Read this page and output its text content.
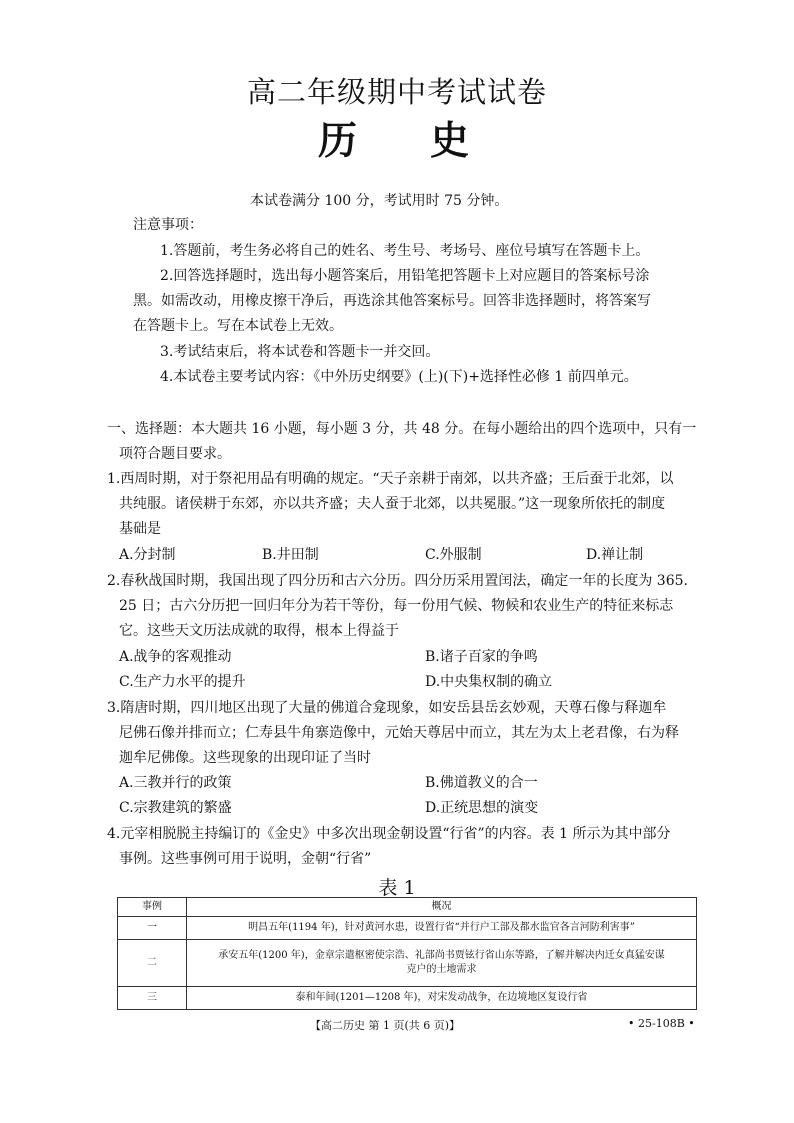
高二年级期中考试试卷
历 史
本试卷满分 100 分，考试用时 75 分钟。
注意事项：
1.答题前，考生务必将自己的姓名、考生号、考场号、座位号填写在答题卡上。
2.回答选择题时，选出每小题答案后，用铅笔把答题卡上对应题目的答案标号涂
黑。如需改动，用橡皮擦干净后，再选涂其他答案标号。回答非选择题时，将答案写
在答题卡上。写在本试卷上无效。
3.考试结束后，将本试卷和答题卡一并交回。
4.本试卷主要考试内容：《中外历史纲要》(上)(下)+选择性必修 1 前四单元。
一、选择题：本大题共 16 小题，每小题 3 分，共 48 分。在每小题给出的四个选项中，只有一
项符合题目要求。
1.西周时期，对于祭祀用品有明确的规定。“天子亲耕于南郊，以共齐盛；王后蚕于北郊，以
共纯服。诸侯耕于东郊，亦以共齐盛；夫人蚕于北郊，以共冕服。”这一现象所依托的制度
基础是
A.分封制	B.井田制	C.外服制	D.禅让制
2.春秋战国时期，我国出现了四分历和古六分历。四分历采用置闰法，确定一年的长度为 365.
25 日；古六分历把一回归年分为若干等份，每一份用气候、物候和农业生产的特征来标志
它。这些天文历法成就的取得，根本上得益于
A.战争的客观推动	B.诸子百家的争鸣
C.生产力水平的提升	D.中央集权制的确立
3.隋唐时期，四川地区出现了大量的佛道合龛现象，如安岳县岳玄妙观，天尊石像与释迦牟
尼佛石像并排而立；仁寿县牛角寨造像中，元始天尊居中而立，其左为太上老君像，右为释
迦牟尼佛像。这些现象的出现印证了当时
A.三教并行的政策	B.佛道教义的合一
C.宗教建筑的繁盛	D.正统思想的演变
4.元宰相脱脱主持编订的《金史》中多次出现金朝设置“行省”的内容。表 1 所示为其中部分
事例。这些事例可用于说明，金朝“行省”
表 1
事例	概况
一	明昌五年(1194 年)，针对黄河水患，设置行省“并行户工部及都水监官各言河防利害事”
二	承安五年(1200 年)，金章宗遣枢密使宗浩、礼部尚书贾铉行省山东等路，了解并解决内迁女真猛安谋克户的土地需求
三	泰和年间(1201—1208 年)，对宋发动战争，在边境地区复设行省
【高二历史 第 1 页(共 6 页)】	• 25-108B •
